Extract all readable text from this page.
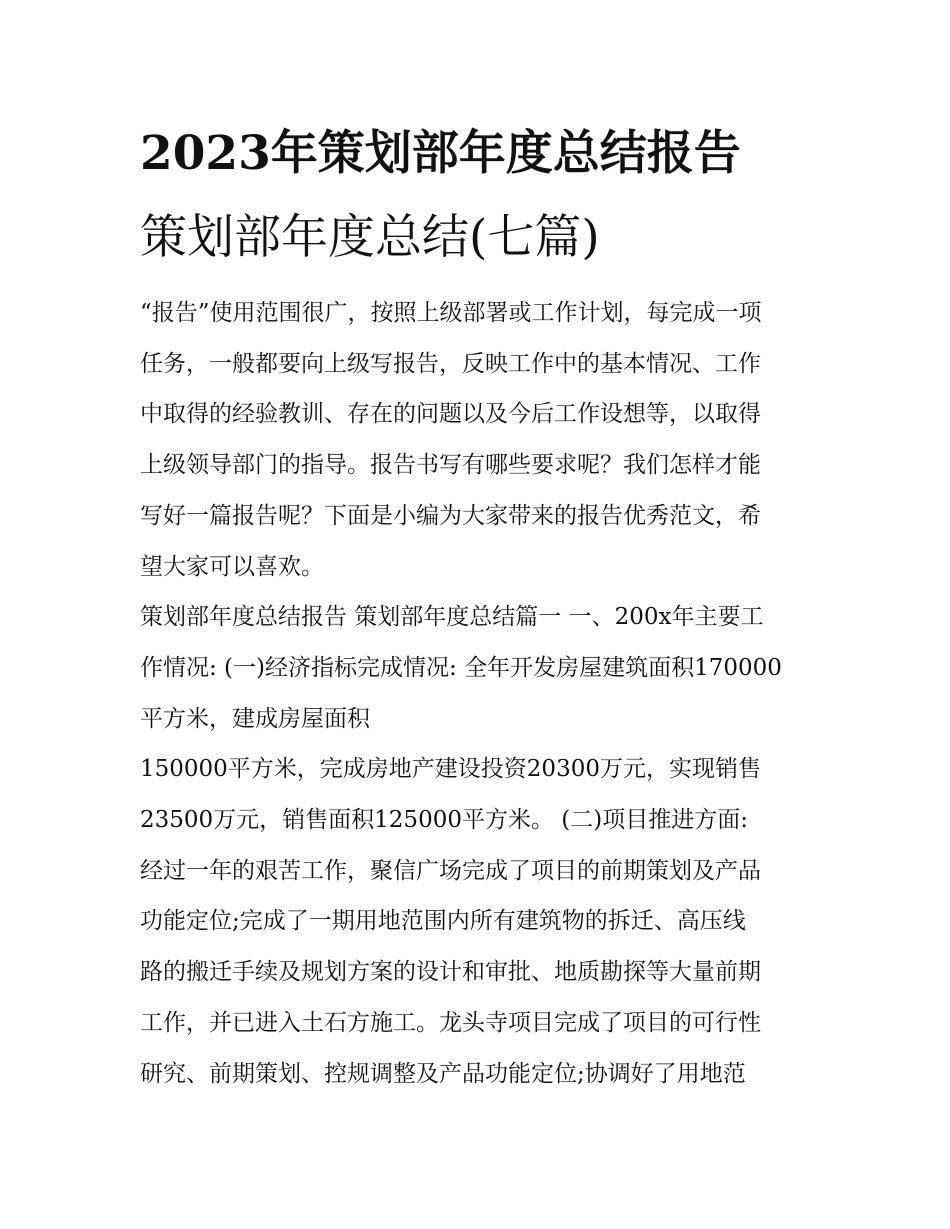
2023年策划部年度总结报告
策划部年度总结(七篇)

“报告”使用范围很广，按照上级部署或工作计划，每完成一项

任务，一般都要向上级写报告，反映工作中的基本情况、工作

中取得的经验教训、存在的问题以及今后工作设想等，以取得

上级领导部门的指导。报告书写有哪些要求呢？我们怎样才能

写好一篇报告呢？下面是小编为大家带来的报告优秀范文，希

望大家可以喜欢。

策划部年度总结报告 策划部年度总结篇一 一、200x年主要工

作情况: (一)经济指标完成情况: 全年开发房屋建筑面积170000

平方米，建成房屋面积

150000平方米，完成房地产建设投资20300万元，实现销售

23500万元，销售面积125000平方米。 (二)项目推进方面:

经过一年的艰苦工作，聚信广场完成了项目的前期策划及产品

功能定位;完成了一期用地范围内所有建筑物的拆迁、高压线

路的搬迁手续及规划方案的设计和审批、地质勘探等大量前期

工作，并已进入土石方施工。龙头寺项目完成了项目的可行性

研究、前期策划、控规调整及产品功能定位;协调好了用地范
